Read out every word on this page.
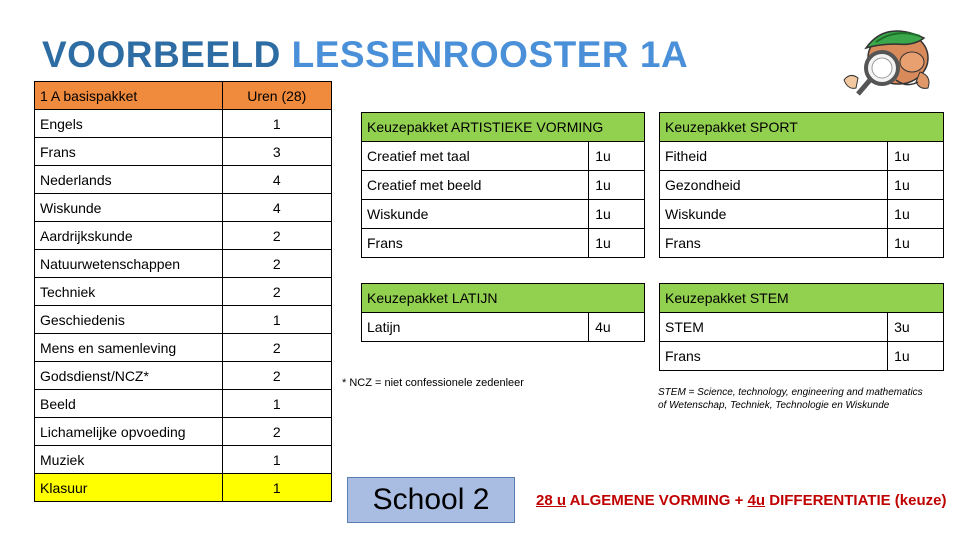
VOORBEELD LESSENROOSTER 1A
1 A basispakket	Uren (28)
Engels	1
Frans	3
Nederlands	4
Wiskunde	4
Aardrijkskunde	2
Natuurwetenschappen	2
Techniek	2
Geschiedenis	1
Mens en samenleving	2
Godsdienst/NCZ*	2
Beeld	1
Lichamelijke opvoeding	2
Muziek	1
Klasuur	1
Keuzepakket ARTISTIEKE VORMING	
Creatief met taal	1u
Creatief met beeld	1u
Wiskunde	1u
Frans	1u
Keuzepakket SPORT	
Fitheid	1u
Gezondheid	1u
Wiskunde	1u
Frans	1u
Keuzepakket LATIJN
Latijn	4u
Keuzepakket STEM	
STEM	3u
Frans	1u
* NCZ = niet confessionele zedenleer
STEM = Science, technology, engineering and mathematics
of Wetenschap, Techniek, Technologie en Wiskunde
School 2	28 u ALGEMENE VORMING + 4u DIFFERENTIATIE (keuze)
